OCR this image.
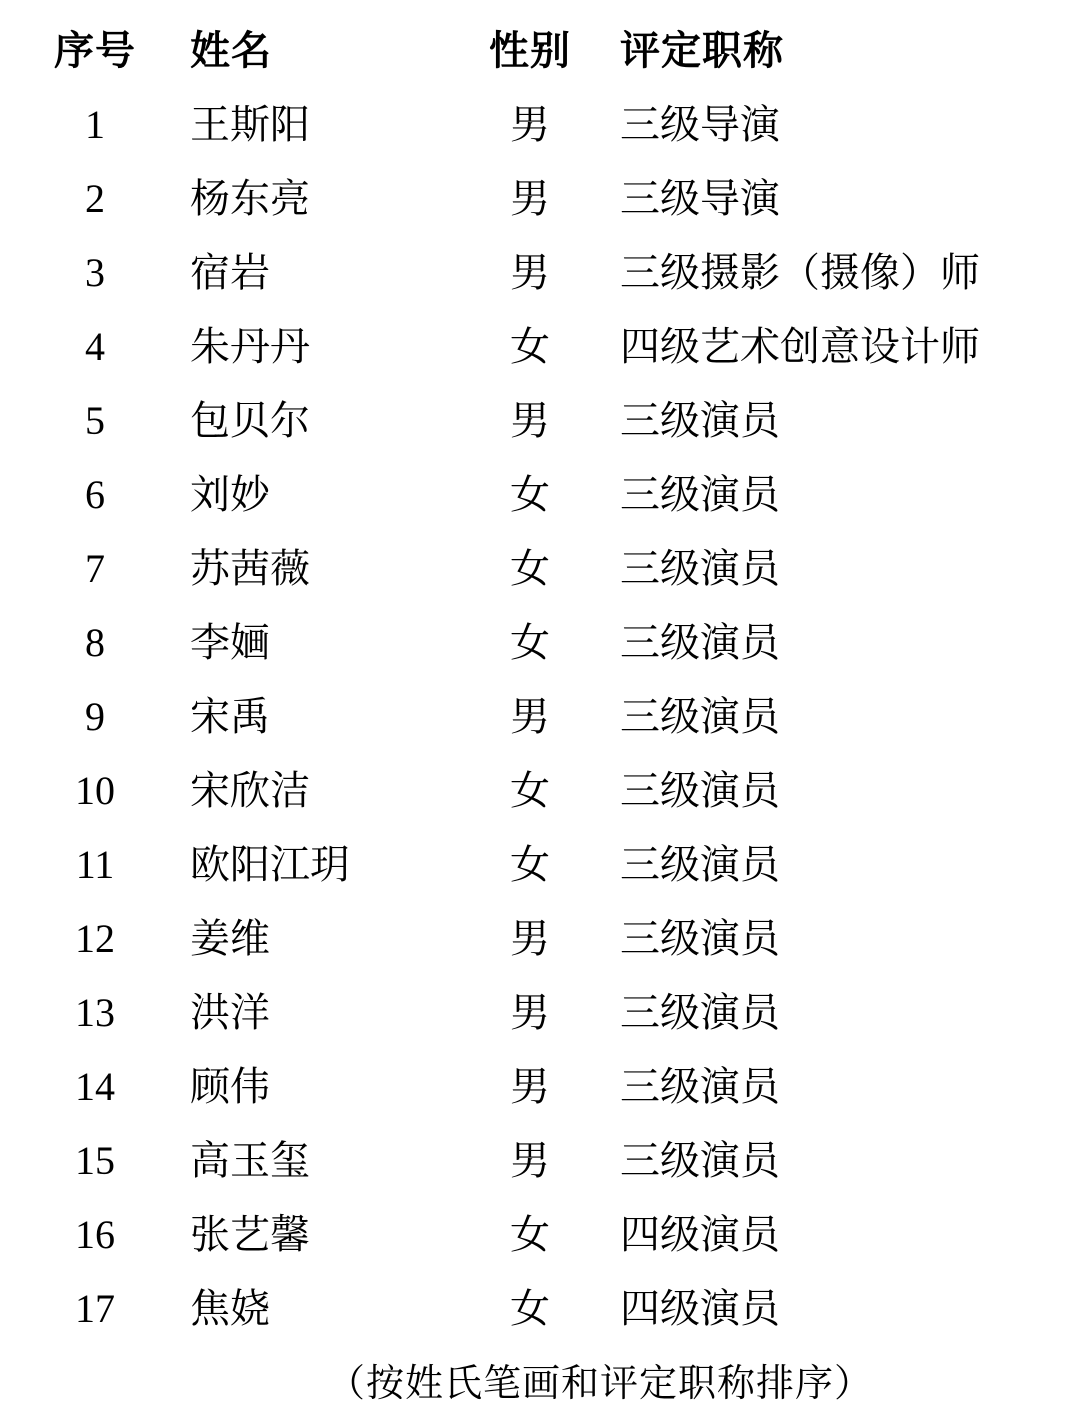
序号	姓名	性别	评定职称
1	王斯阳	男	三级导演
2	杨东亮	男	三级导演
3	宿岩	男	三级摄影（摄像）师
4	朱丹丹	女	四级艺术创意设计师
5	包贝尔	男	三级演员
6	刘妙	女	三级演员
7	苏茜薇	女	三级演员
8	李婳	女	三级演员
9	宋禹	男	三级演员
10	宋欣洁	女	三级演员
11	欧阳江玥	女	三级演员
12	姜维	男	三级演员
13	洪洋	男	三级演员
14	顾伟	男	三级演员
15	高玉玺	男	三级演员
16	张艺馨	女	四级演员
17	焦娆	女	四级演员
（按姓氏笔画和评定职称排序）
